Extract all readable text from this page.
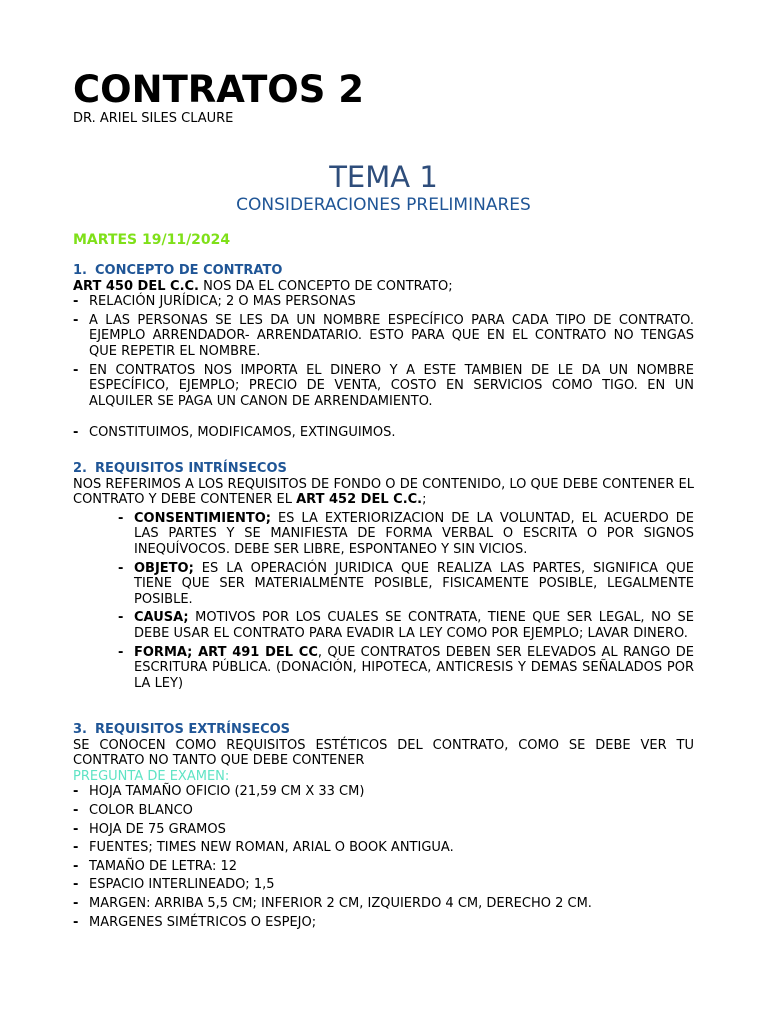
CONTRATOS 2
DR. ARIEL SILES CLAURE
TEMA 1
CONSIDERACIONES PRELIMINARES
MARTES 19/11/2024
1. CONCEPTO DE CONTRATO
ART 450 DEL C.C. NOS DA EL CONCEPTO DE CONTRATO;
- RELACIÓN JURÍDICA; 2 O MAS PERSONAS
- A LAS PERSONAS SE LES DA UN NOMBRE ESPECÍFICO PARA CADA TIPO DE CONTRATO. EJEMPLO ARRENDADOR- ARRENDATARIO. ESTO PARA QUE EN EL CONTRATO NO TENGAS QUE REPETIR EL NOMBRE.
- EN CONTRATOS NOS IMPORTA EL DINERO Y A ESTE TAMBIEN DE LE DA UN NOMBRE ESPECÍFICO, EJEMPLO; PRECIO DE VENTA, COSTO EN SERVICIOS COMO TIGO. EN UN ALQUILER SE PAGA UN CANON DE ARRENDAMIENTO.
- CONSTITUIMOS, MODIFICAMOS, EXTINGUIMOS.
2. REQUISITOS INTRÍNSECOS
NOS REFERIMOS A LOS REQUISITOS DE FONDO O DE CONTENIDO, LO QUE DEBE CONTENER EL CONTRATO Y DEBE CONTENER EL ART 452 DEL C.C.;
- CONSENTIMIENTO; ES LA EXTERIORIZACION DE LA VOLUNTAD, EL ACUERDO DE LAS PARTES Y SE MANIFIESTA DE FORMA VERBAL O ESCRITA O POR SIGNOS INEQUÍVOCOS. DEBE SER LIBRE, ESPONTANEO Y SIN VICIOS.
- OBJETO; ES LA OPERACIÓN JURIDICA QUE REALIZA LAS PARTES, SIGNIFICA QUE TIENE QUE SER MATERIALMENTE POSIBLE, FISICAMENTE POSIBLE, LEGALMENTE POSIBLE.
- CAUSA; MOTIVOS POR LOS CUALES SE CONTRATA, TIENE QUE SER LEGAL, NO SE DEBE USAR EL CONTRATO PARA EVADIR LA LEY COMO POR EJEMPLO; LAVAR DINERO.
- FORMA; ART 491 DEL CC, QUE CONTRATOS DEBEN SER ELEVADOS AL RANGO DE ESCRITURA PÚBLICA. (DONACIÓN, HIPOTECA, ANTICRESIS Y DEMAS SEÑALADOS POR LA LEY)
3. REQUISITOS EXTRÍNSECOS
SE CONOCEN COMO REQUISITOS ESTÉTICOS DEL CONTRATO, COMO SE DEBE VER TU CONTRATO NO TANTO QUE DEBE CONTENER
PREGUNTA DE EXAMEN:
- HOJA TAMAÑO OFICIO (21,59 CM X 33 CM)
- COLOR BLANCO
- HOJA DE 75 GRAMOS
- FUENTES; TIMES NEW ROMAN, ARIAL O BOOK ANTIGUA.
- TAMAÑO DE LETRA: 12
- ESPACIO INTERLINEADO; 1,5
- MARGEN: ARRIBA 5,5 CM; INFERIOR 2 CM, IZQUIERDO 4 CM, DERECHO 2 CM.
- MARGENES SIMÉTRICOS O ESPEJO;
